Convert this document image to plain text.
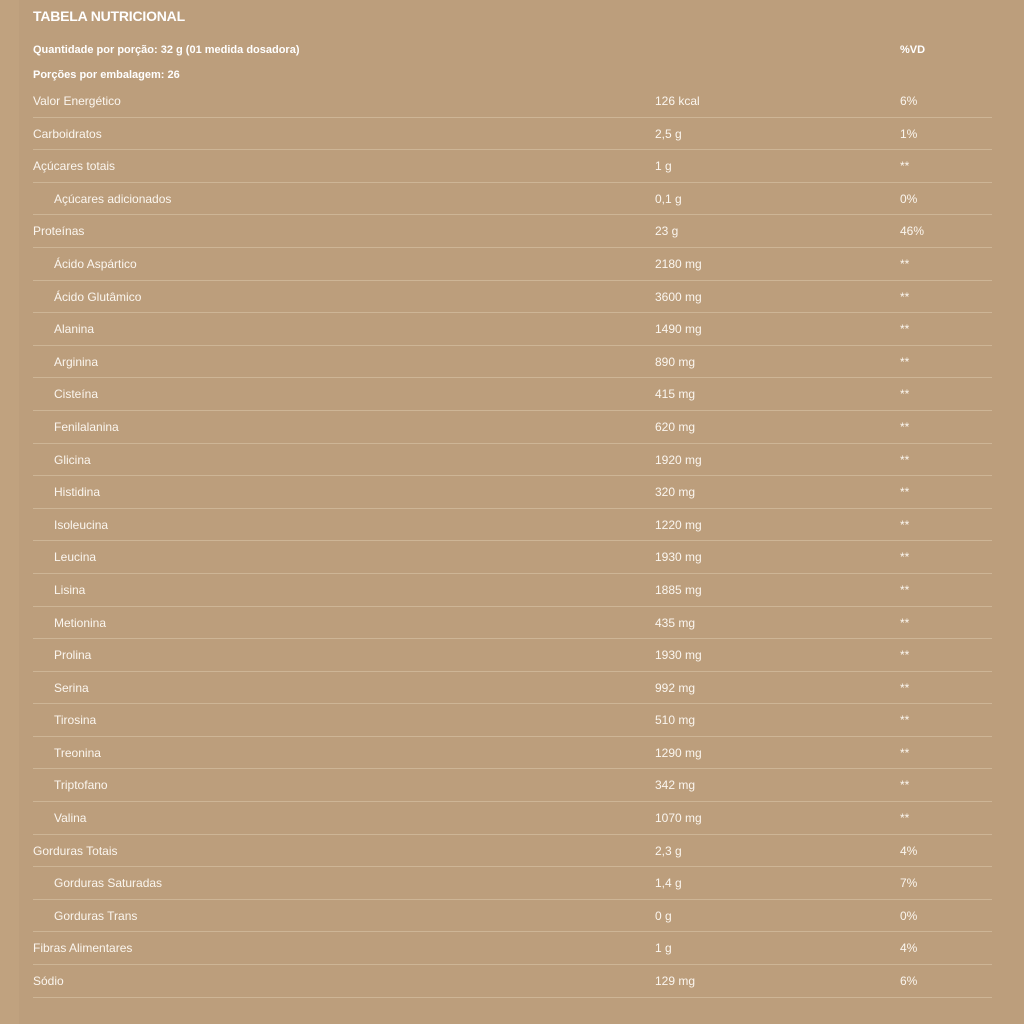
TABELA NUTRICIONAL
Quantidade por porção: 32 g (01 medida dosadora)
Porções por embalagem: 26
%VD
Valor Energético	126 kcal	6%
Carboidratos	2,5 g	1%
Açúcares totais	1 g	**
Açúcares adicionados	0,1 g	0%
Proteínas	23 g	46%
Ácido Aspártico	2180 mg	**
Ácido Glutâmico	3600 mg	**
Alanina	1490 mg	**
Arginina	890 mg	**
Cisteína	415 mg	**
Fenilalanina	620 mg	**
Glicina	1920 mg	**
Histidina	320 mg	**
Isoleucina	1220 mg	**
Leucina	1930 mg	**
Lisina	1885 mg	**
Metionina	435 mg	**
Prolina	1930 mg	**
Serina	992 mg	**
Tirosina	510 mg	**
Treonina	1290 mg	**
Triptofano	342 mg	**
Valina	1070 mg	**
Gorduras Totais	2,3 g	4%
Gorduras Saturadas	1,4 g	7%
Gorduras Trans	0 g	0%
Fibras Alimentares	1 g	4%
Sódio	129 mg	6%
